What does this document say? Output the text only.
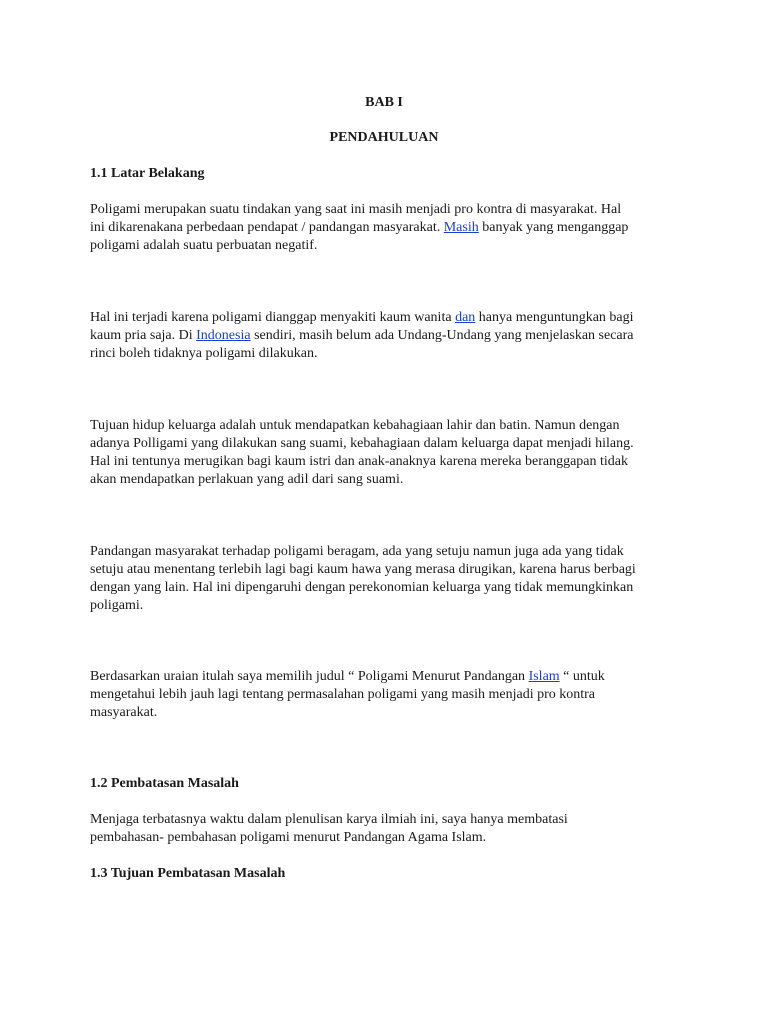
BAB I

PENDAHULUAN

1.1 Latar Belakang

Poligami merupakan suatu tindakan yang saat ini masih menjadi pro kontra di masyarakat. Hal
ini dikarenakana perbedaan pendapat / pandangan masyarakat. Masih banyak yang menganggap
poligami adalah suatu perbuatan negatif.
Hal ini terjadi karena poligami dianggap menyakiti kaum wanita dan hanya menguntungkan bagi
kaum pria saja. Di Indonesia sendiri, masih belum ada Undang-Undang yang menjelaskan secara
rinci boleh tidaknya poligami dilakukan.
Tujuan hidup keluarga adalah untuk mendapatkan kebahagiaan lahir dan batin. Namun dengan
adanya Polligami yang dilakukan sang suami, kebahagiaan dalam keluarga dapat menjadi hilang.
Hal ini tentunya merugikan bagi kaum istri dan anak-anaknya karena mereka beranggapan tidak
akan mendapatkan perlakuan yang adil dari sang suami.
Pandangan masyarakat terhadap poligami beragam, ada yang setuju namun juga ada yang tidak
setuju atau menentang terlebih lagi bagi kaum hawa yang merasa dirugikan, karena harus berbagi
dengan yang lain. Hal ini dipengaruhi dengan perekonomian keluarga yang tidak memungkinkan
poligami.
Berdasarkan uraian itulah saya memilih judul “ Poligami Menurut Pandangan Islam “ untuk
mengetahui lebih jauh lagi tentang permasalahan poligami yang masih menjadi pro kontra
masyarakat.

1.2 Pembatasan Masalah

Menjaga terbatasnya waktu dalam plenulisan karya ilmiah ini, saya hanya membatasi
pembahasan- pembahasan poligami menurut Pandangan Agama Islam.

1.3 Tujuan Pembatasan Masalah
